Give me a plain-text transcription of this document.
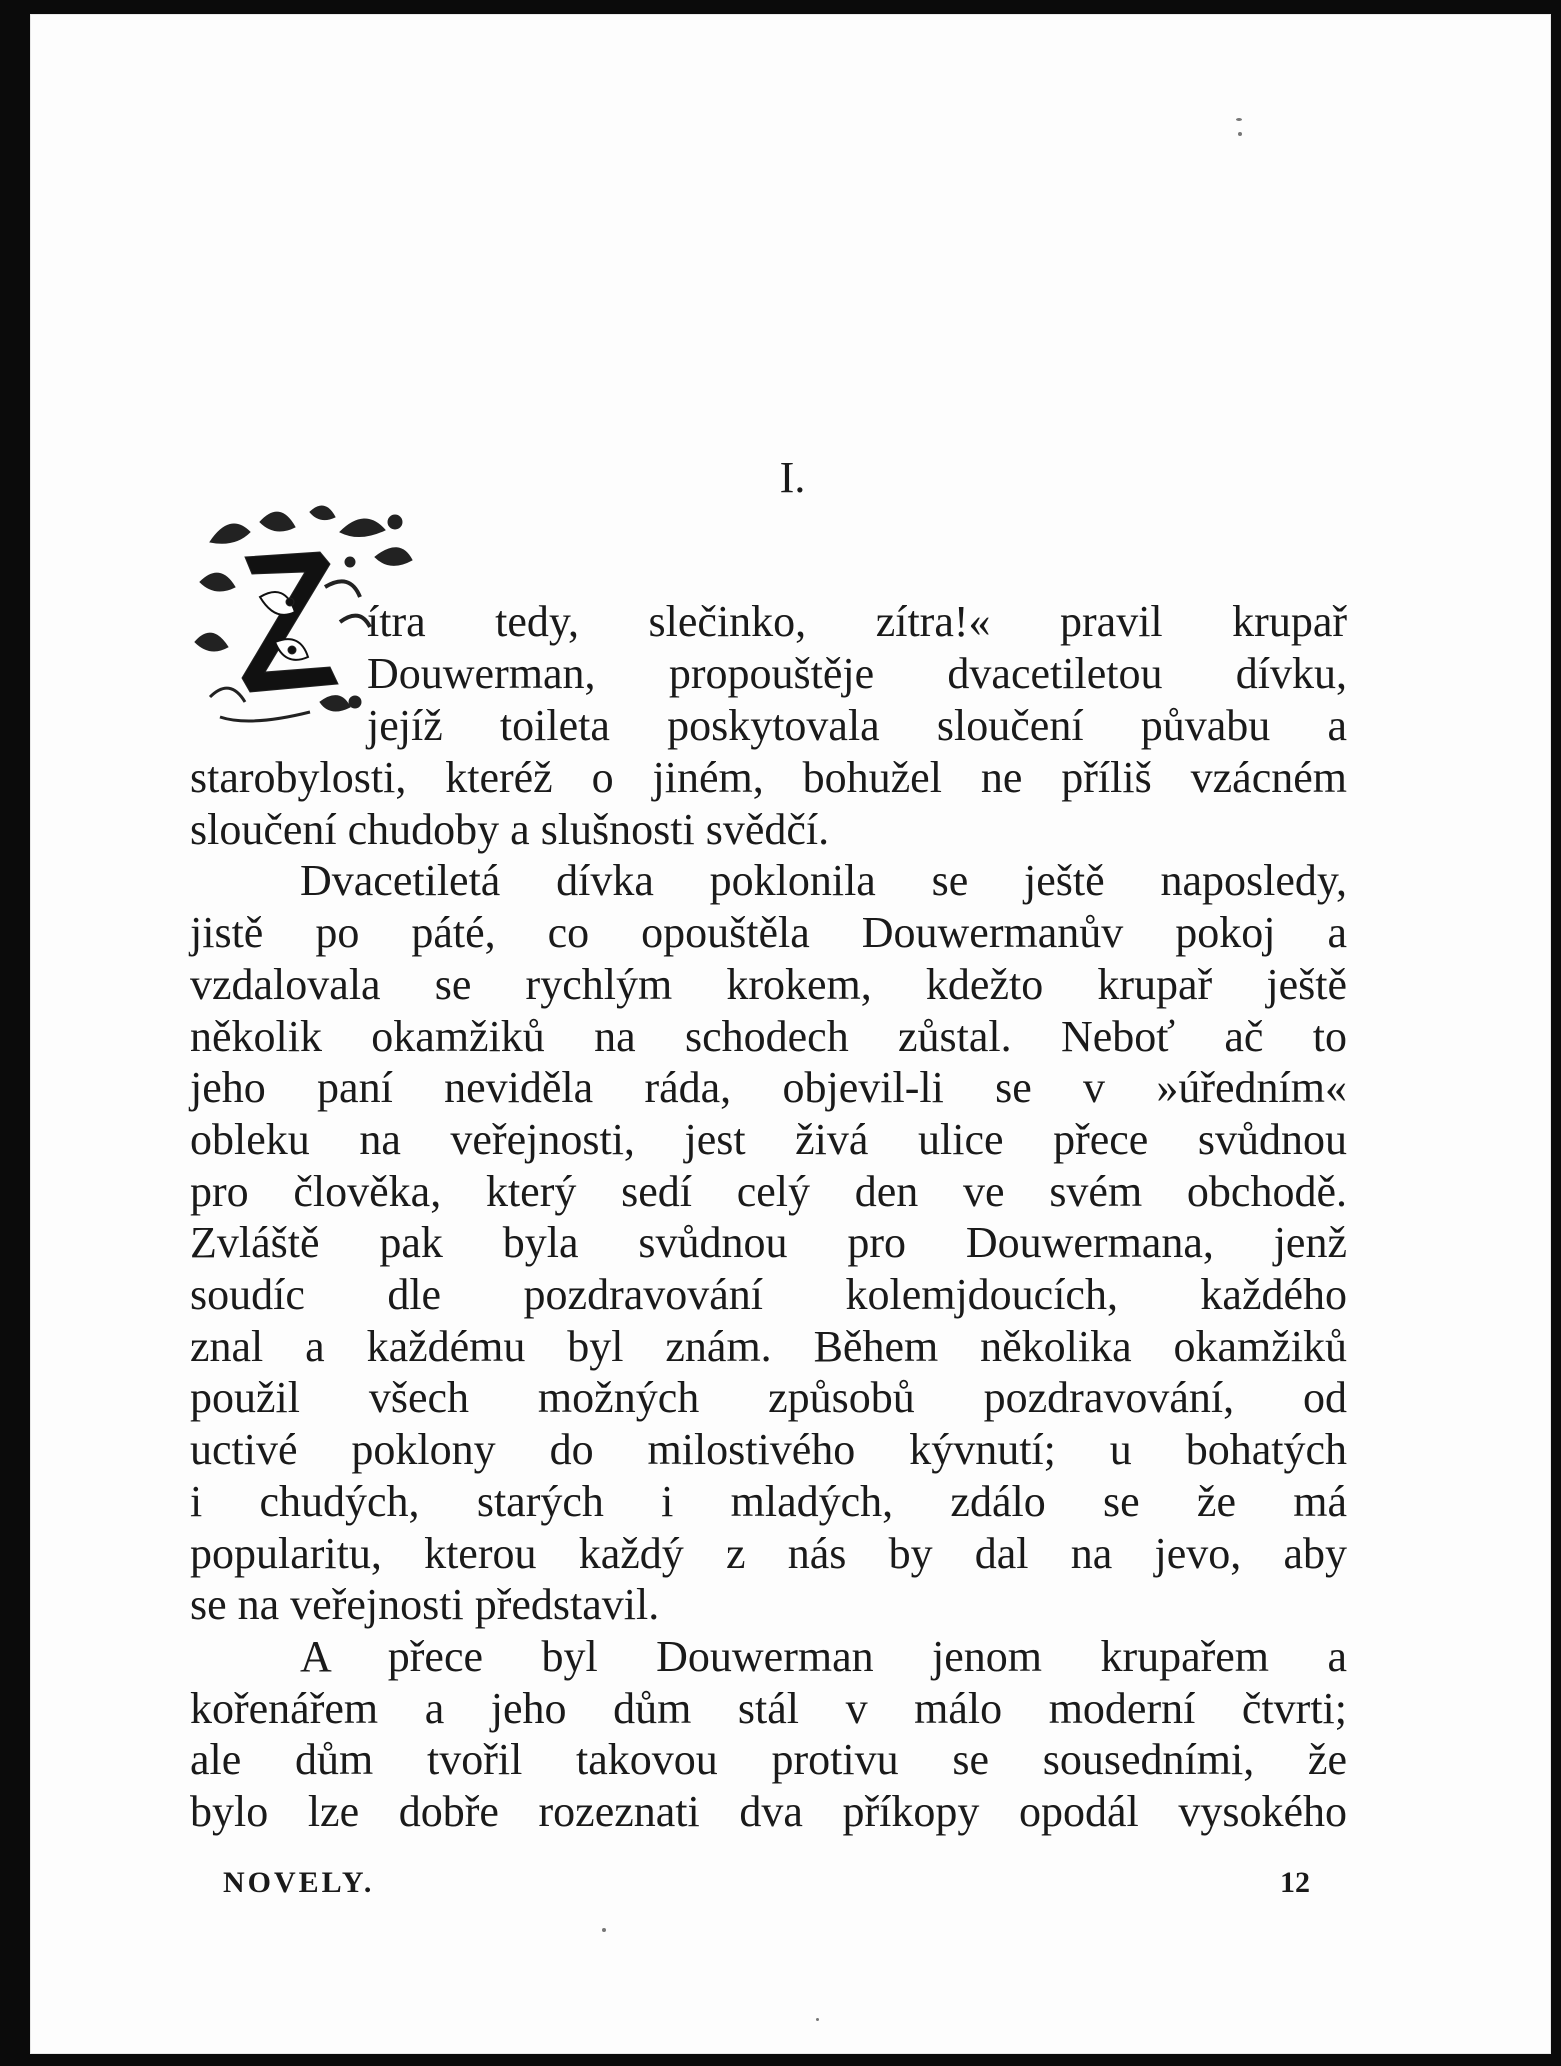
I.
ítra tedy, slečinko, zítra!« pravil krupař
Douwerman, propouštěje dvacetiletou dívku,
jejíž toileta poskytovala sloučení půvabu a
starobylosti, kteréž o jiném, bohužel ne příliš vzácném
sloučení chudoby a slušnosti svědčí.
Dvacetiletá dívka poklonila se ještě naposledy,
jistě po páté, co opouštěla Douwermanův pokoj a
vzdalovala se rychlým krokem, kdežto krupař ještě
několik okamžiků na schodech zůstal. Neboť ač to
jeho paní neviděla ráda, objevil-li se v »úředním«
obleku na veřejnosti, jest živá ulice přece svůdnou
pro člověka, který sedí celý den ve svém obchodě.
Zvláště pak byla svůdnou pro Douwermana, jenž
soudíc dle pozdravování kolemjdoucích, každého
znal a každému byl znám. Během několika okamžiků
použil všech možných způsobů pozdravování, od
uctivé poklony do milostivého kývnutí; u bohatých
i chudých, starých i mladých, zdálo se že má
popularitu, kterou každý z nás by dal na jevo, aby
se na veřejnosti představil.
A přece byl Douwerman jenom krupařem a
kořenářem a jeho dům stál v málo moderní čtvrti;
ale dům tvořil takovou protivu se sousedními, že
bylo lze dobře rozeznati dva příkopy opodál vysokého
NOVELY.	12
